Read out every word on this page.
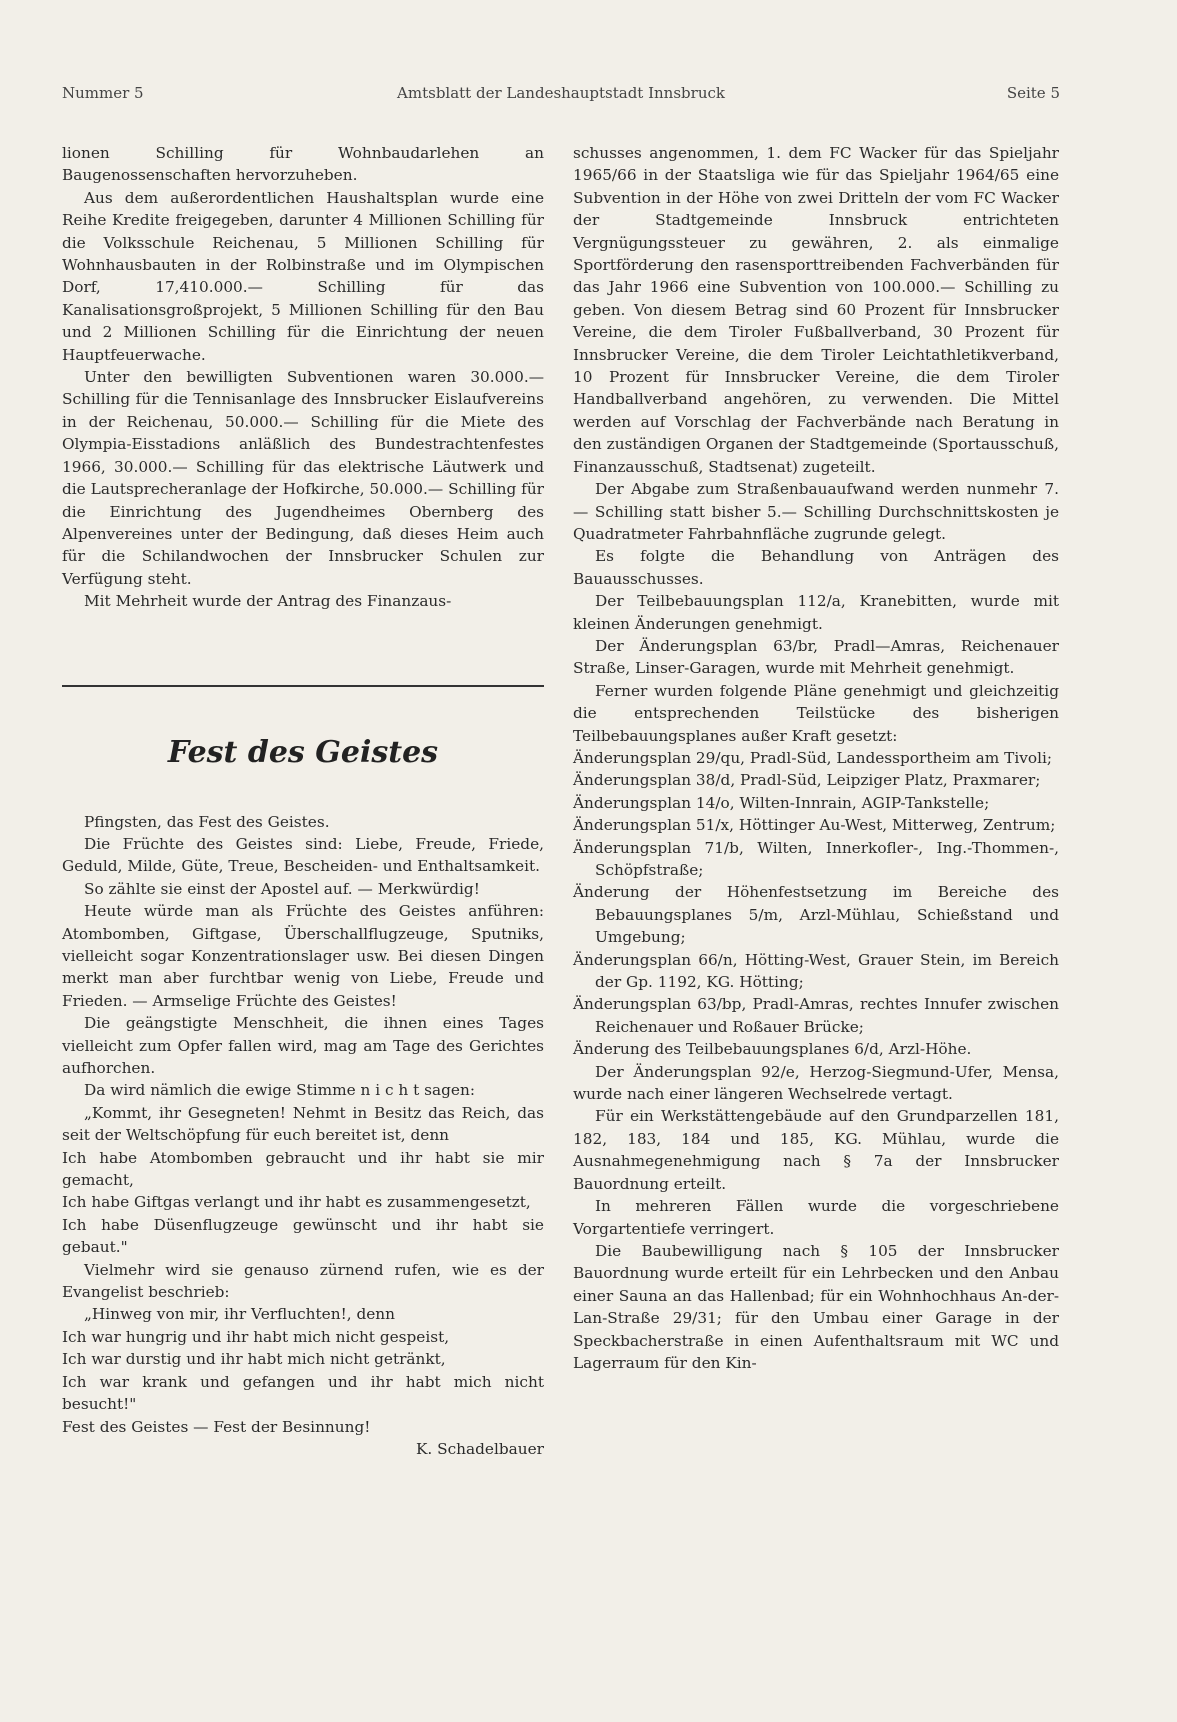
Nummer 5	Amtsblatt der Landeshauptstadt Innsbruck	Seite 5

lionen Schilling für Wohnbaudarlehen an Baugenossenschaften hervorzuheben.

Aus dem außerordentlichen Haushaltsplan wurde eine Reihe Kredite freigegeben, darunter 4 Millionen Schilling für die Volksschule Reichenau, 5 Millionen Schilling für Wohnhausbauten in der Rolbinstraße und im Olympischen Dorf, 17,410.000.— Schilling für das Kanalisationsgroßprojekt, 5 Millionen Schilling für den Bau und 2 Millionen Schilling für die Einrichtung der neuen Hauptfeuerwache.

Unter den bewilligten Subventionen waren 30.000.— Schilling für die Tennisanlage des Innsbrucker Eislaufvereins in der Reichenau, 50.000.— Schilling für die Miete des Olympia-Eisstadions anläßlich des Bundestrachtenfestes 1966, 30.000.— Schilling für das elektrische Läutwerk und die Lautsprecheranlage der Hofkirche, 50.000.— Schilling für die Einrichtung des Jugendheimes Obernberg des Alpenvereines unter der Bedingung, daß dieses Heim auch für die Schilandwochen der Innsbrucker Schulen zur Verfügung steht.

Mit Mehrheit wurde der Antrag des Finanzaus-

Fest des Geistes

Pfingsten, das Fest des Geistes.

Die Früchte des Geistes sind: Liebe, Freude, Friede, Geduld, Milde, Güte, Treue, Bescheiden- und Enthaltsamkeit.

So zählte sie einst der Apostel auf. — Merkwürdig!

Heute würde man als Früchte des Geistes anführen: Atombomben, Giftgase, Überschallflugzeuge, Sputniks, vielleicht sogar Konzentrationslager usw. Bei diesen Dingen merkt man aber furchtbar wenig von Liebe, Freude und Frieden. — Armselige Früchte des Geistes!

Die geängstigte Menschheit, die ihnen eines Tages vielleicht zum Opfer fallen wird, mag am Tage des Gerichtes aufhorchen.

Da wird nämlich die ewige Stimme n i c h t sagen:

„Kommt, ihr Gesegneten! Nehmt in Besitz das Reich, das seit der Weltschöpfung für euch bereitet ist, denn

Ich habe Atombomben gebraucht und ihr habt sie mir gemacht,

Ich habe Giftgas verlangt und ihr habt es zusammengesetzt,

Ich habe Düsenflugzeuge gewünscht und ihr habt sie gebaut."

Vielmehr wird sie genauso zürnend rufen, wie es der Evangelist beschrieb:

„Hinweg von mir, ihr Verfluchten!, denn

Ich war hungrig und ihr habt mich nicht gespeist,

Ich war durstig und ihr habt mich nicht getränkt,

Ich war krank und gefangen und ihr habt mich nicht besucht!"

Fest des Geistes — Fest der Besinnung!

K. Schadelbauer

schusses angenommen, 1. dem FC Wacker für das Spieljahr 1965/66 in der Staatsliga wie für das Spieljahr 1964/65 eine Subvention in der Höhe von zwei Dritteln der vom FC Wacker der Stadtgemeinde Innsbruck entrichteten Vergnügungssteuer zu gewähren, 2. als einmalige Sportförderung den rasensporttreibenden Fachverbänden für das Jahr 1966 eine Subvention von 100.000.— Schilling zu geben. Von diesem Betrag sind 60 Prozent für Innsbrucker Vereine, die dem Tiroler Fußballverband, 30 Prozent für Innsbrucker Vereine, die dem Tiroler Leichtathletikverband, 10 Prozent für Innsbrucker Vereine, die dem Tiroler Handballverband angehören, zu verwenden. Die Mittel werden auf Vorschlag der Fachverbände nach Beratung in den zuständigen Organen der Stadtgemeinde (Sportausschuß, Finanzausschuß, Stadtsenat) zugeteilt.

Der Abgabe zum Straßenbauaufwand werden nunmehr 7.— Schilling statt bisher 5.— Schilling Durchschnittskosten je Quadratmeter Fahrbahnfläche zugrunde gelegt.

Es folgte die Behandlung von Anträgen des Bauausschusses.

Der Teilbebauungsplan 112/a, Kranebitten, wurde mit kleinen Änderungen genehmigt.

Der Änderungsplan 63/br, Pradl—Amras, Reichenauer Straße, Linser-Garagen, wurde mit Mehrheit genehmigt.

Ferner wurden folgende Pläne genehmigt und gleichzeitig die entsprechenden Teilstücke des bisherigen Teilbebauungsplanes außer Kraft gesetzt:

Änderungsplan 29/qu, Pradl-Süd, Landessportheim am Tivoli;

Änderungsplan 38/d, Pradl-Süd, Leipziger Platz, Praxmarer;

Änderungsplan 14/o, Wilten-Innrain, AGIP-Tankstelle;

Änderungsplan 51/x, Höttinger Au-West, Mitterweg, Zentrum;

Änderungsplan 71/b, Wilten, Innerkofler-, Ing.-Thommen-, Schöpfstraße;

Änderung der Höhenfestsetzung im Bereiche des Bebauungsplanes 5/m, Arzl-Mühlau, Schießstand und Umgebung;

Änderungsplan 66/n, Hötting-West, Grauer Stein, im Bereich der Gp. 1192, KG. Hötting;

Änderungsplan 63/bp, Pradl-Amras, rechtes Innufer zwischen Reichenauer und Roßauer Brücke;

Änderung des Teilbebauungsplanes 6/d, Arzl-Höhe.

Der Änderungsplan 92/e, Herzog-Siegmund-Ufer, Mensa, wurde nach einer längeren Wechselrede vertagt.

Für ein Werkstättengebäude auf den Grundparzellen 181, 182, 183, 184 und 185, KG. Mühlau, wurde die Ausnahmegenehmigung nach § 7a der Innsbrucker Bauordnung erteilt.

In mehreren Fällen wurde die vorgeschriebene Vorgartentiefe verringert.

Die Baubewilligung nach § 105 der Innsbrucker Bauordnung wurde erteilt für ein Lehrbecken und den Anbau einer Sauna an das Hallenbad; für ein Wohnhochhaus An-der-Lan-Straße 29/31; für den Umbau einer Garage in der Speckbacherstraße in einen Aufenthaltsraum mit WC und Lagerraum für den Kin-
